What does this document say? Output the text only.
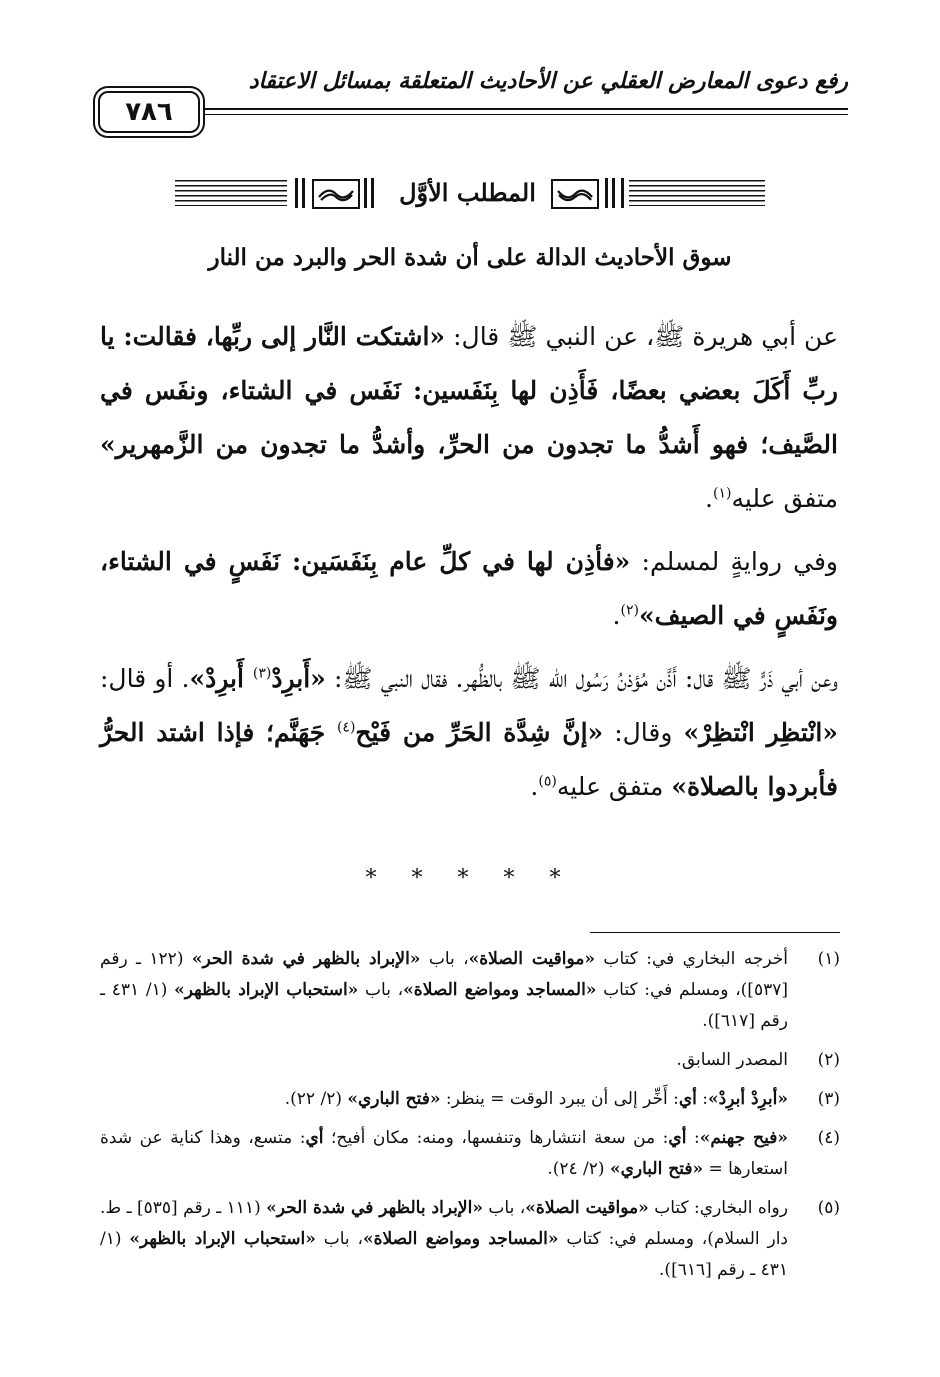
رفع دعوى المعارض العقلي عن الأحاديث المتعلقة بمسائل الاعتقاد
٧٨٦
المطلب الأوَّل
سوق الأحاديث الدالة على أن شدة الحر والبرد من النار

عن أبي هريرة ﷺ، عن النبي ﷺ قال: «اشتكت النَّار إلى ربِّها، فقالت: يا ربِّ أَكَلَ بعضي بعضًا، فَأَذِن لها بِنَفَسين: نَفَس في الشتاء، ونفَس في الصَّيف؛ فهو أَشدُّ ما تجدون من الحرِّ، وأشدُّ ما تجدون من الزَّمهرير» متفق عليه$^{(١)}$.

وفي روايةٍ لمسلم: «فأذِن لها في كلِّ عام بِنَفَسَين: نَفَسٍ في الشتاء، ونَفَسٍ في الصيف»$^{(٢)}$.

وعن أبي ذَرٍّ ﷺ قال: أَذَّن مُؤذنُ رَسُول الله ﷺ بالظُّهر. فقال النبي ﷺ: «أَبرِدْ$^{(٣)}$ أَبرِدْ». أو قال: «انْتظِر انْتظِرْ» وقال: «إنَّ شِدَّة الحَرِّ من فَيْح$^{(٤)}$ جَهَنَّم؛ فإذا اشتد الحرُّ فأبردوا بالصلاة» متفق عليه$^{(٥)}$.

* * * * *
(١)
أخرجه البخاري في: كتاب «مواقيت الصلاة»، باب «الإبراد بالظهر في شدة الحر» (١٢٢ ـ رقم [٥٣٧])، ومسلم في: كتاب «المساجد ومواضع الصلاة»، باب «استحباب الإبراد بالظهر» (١/ ٤٣١ ـ رقم [٦١٧]).
(٢)
المصدر السابق.
(٣)
«أبرِدْ أبرِدْ»: أي: أَخِّر إلى أن يبرد الوقت = ينظر: «فتح الباري» (٢/ ٢٢).
(٤)
«فيح جهنم»: أي: من سعة انتشارها وتنفسها، ومنه: مكان أفيح؛ أي: متسع، وهذا كناية عن شدة استعارها = «فتح الباري» (٢/ ٢٤).
(٥)
رواه البخاري: كتاب «مواقيت الصلاة»، باب «الإبراد بالظهر في شدة الحر» (١١١ ـ رقم [٥٣٥] ـ ط. دار السلام)، ومسلم في: كتاب «المساجد ومواضع الصلاة»، باب «استحباب الإبراد بالظهر» (١/ ٤٣١ ـ رقم [٦١٦]).
